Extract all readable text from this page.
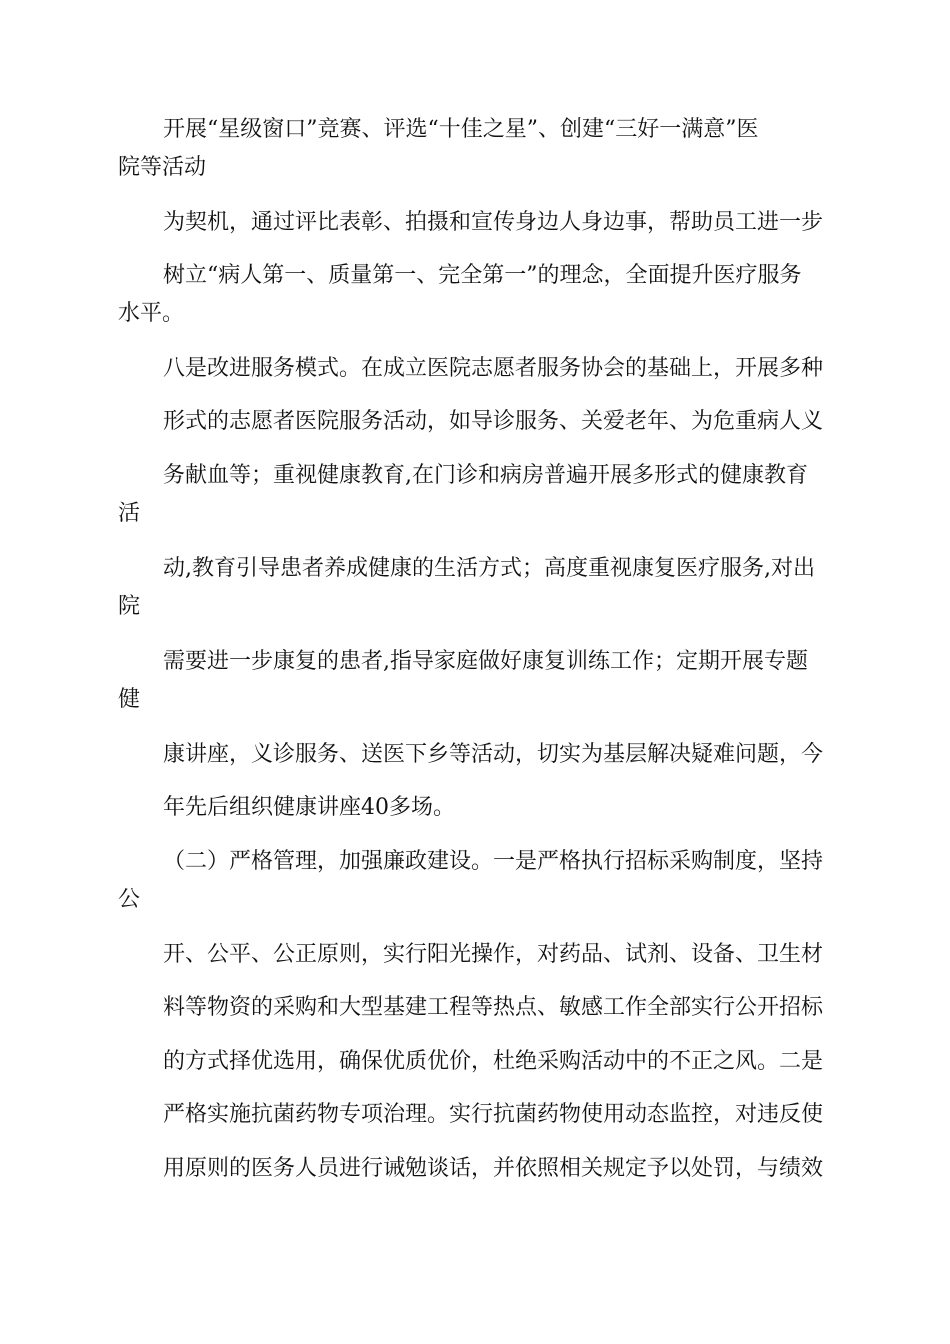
开展“星级窗口”竞赛、评选“十佳之星”、创建“三好一满意”医
院等活动
为契机，通过评比表彰、拍摄和宣传身边人身边事，帮助员工进一步
树立“病人第一、质量第一、完全第一”的理念，全面提升医疗服务
水平。
八是改进服务模式。在成立医院志愿者服务协会的基础上，开展多种
形式的志愿者医院服务活动，如导诊服务、关爱老年、为危重病人义
务献血等；重视健康教育,在门诊和病房普遍开展多形式的健康教育
活
动,教育引导患者养成健康的生活方式；高度重视康复医疗服务,对出
院
需要进一步康复的患者,指导家庭做好康复训练工作；定期开展专题
健
康讲座，义诊服务、送医下乡等活动，切实为基层解决疑难问题，今
年先后组织健康讲座40多场。
（二）严格管理，加强廉政建设。一是严格执行招标采购制度，坚持
公
开、公平、公正原则，实行阳光操作，对药品、试剂、设备、卫生材
料等物资的采购和大型基建工程等热点、敏感工作全部实行公开招标
的方式择优选用，确保优质优价，杜绝采购活动中的不正之风。二是
严格实施抗菌药物专项治理。实行抗菌药物使用动态监控，对违反使
用原则的医务人员进行诫勉谈话，并依照相关规定予以处罚，与绩效
